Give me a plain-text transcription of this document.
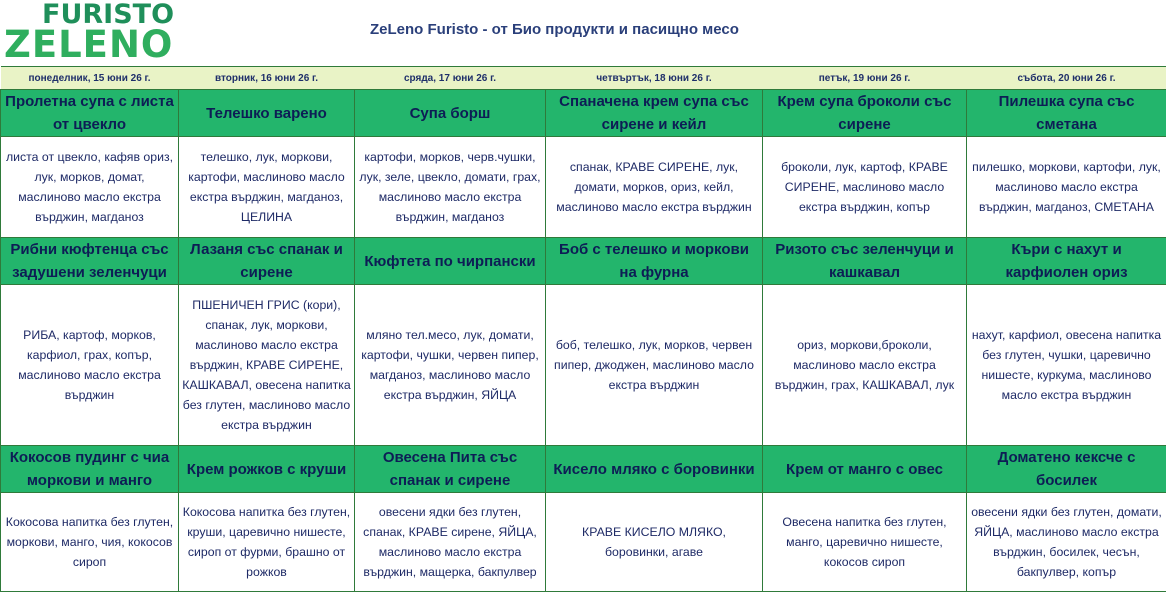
FURISTO
ZELENO	ZeLeno Furisto - от Био продукти и пасищно месо
понеделник, 15 юни 26 г.	вторник, 16 юни 26 г.	сряда, 17 юни 26 г.	четвъртък, 18 юни 26 г.	петък, 19 юни 26 г.	събота, 20 юни 26 г.
Пролетна супа с листа от цвекло	Телешко варено	Супа борш	Спаначена крем супа със сирене и кейл	Крем супа броколи със сирене	Пилешка супа със сметана
листа от цвекло, кафяв ориз, лук, морков, домат, маслиново масло екстра върджин, магданоз	телешко, лук, моркови, картофи, маслиново масло екстра върджин, магданоз, ЦЕЛИНА	картофи, морков, черв.чушки, лук, зеле, цвекло, домати, грах, маслиново масло екстра върджин, магданоз	спанак, КРАВЕ СИРЕНЕ, лук, домати, морков, ориз, кейл, маслиново масло екстра върджин	броколи, лук, картоф, КРАВЕ СИРЕНЕ, маслиново масло екстра върджин, копър	пилешко, моркови, картофи, лук, маслиново масло екстра върджин, магданоз, СМЕТАНА
Рибни кюфтенца със задушени зеленчуци	Лазаня със спанак и сирене	Кюфтета по чирпански	Боб с телешко и моркови на фурна	Ризото със зеленчуци и кашкавал	Къри с нахут и карфиолен ориз
РИБА, картоф, морков, карфиол, грах, копър, маслиново масло екстра върджин	ПШЕНИЧЕН ГРИС (кори), спанак, лук, моркови, маслиново масло екстра върджин, КРАВЕ СИРЕНЕ, КАШКАВАЛ, овесена напитка без глутен, маслиново масло екстра върджин	мляно тел.месо, лук, домати, картофи, чушки, червен пипер, магданоз, маслиново масло екстра върджин, ЯЙЦА	боб, телешко, лук, морков, червен пипер, джоджен, маслиново масло екстра върджин	ориз, моркови,броколи, маслиново масло екстра върджин, грах, КАШКАВАЛ, лук	нахут, карфиол, овесена напитка без глутен, чушки, царевично нишесте, куркума, маслиново масло екстра върджин
Кокосов пудинг с чиа моркови и манго	Крем рожков с круши	Овесена Пита със спанак и сирене	Кисело мляко с боровинки	Крем от манго с овес	Доматено кексче с босилек
Кокосова напитка без глутен, моркови, манго, чия, кокосов сироп	Кокосова напитка без глутен, круши, царевично нишесте, сироп от фурми, брашно от рожков	овесени ядки без глутен, спанак, КРАВЕ сирене, ЯЙЦА, маслиново масло екстра върджин, мащерка, бакпулвер	КРАВЕ КИСЕЛО МЛЯКО, боровинки, агаве	Овесена напитка без глутен, манго, царевично нишесте, кокосов сироп	овесени ядки без глутен, домати, ЯЙЦА, маслиново масло екстра върджин, босилек, чесън, бакпулвер, копър
